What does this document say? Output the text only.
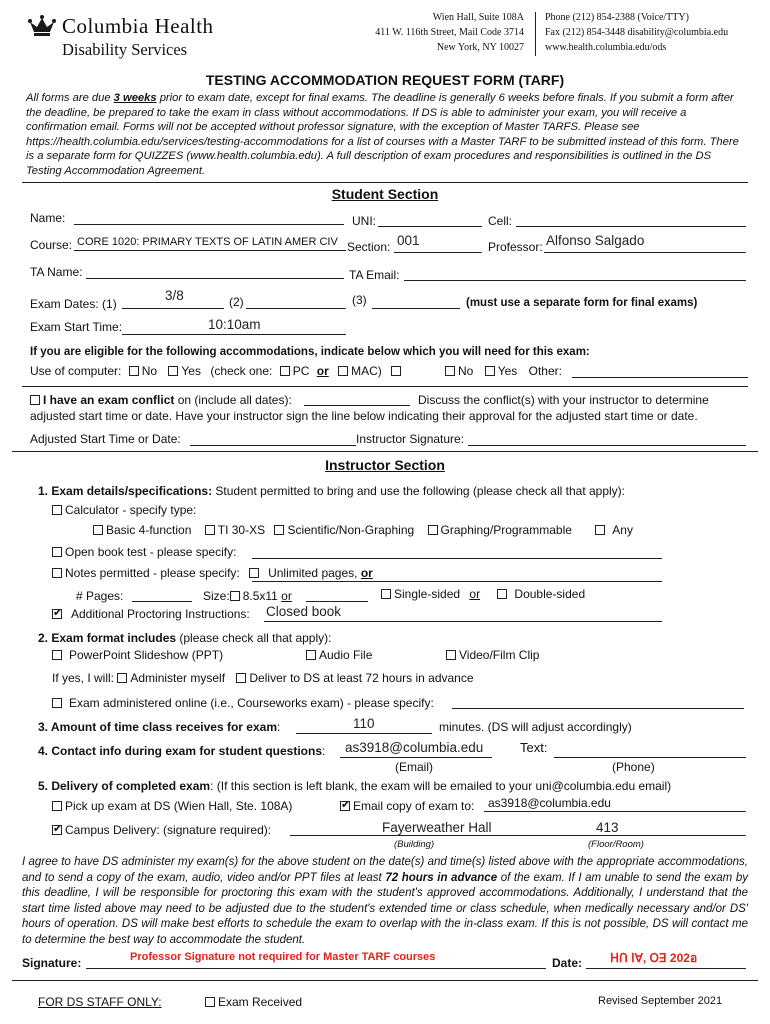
Columbia Health
Disability Services
Wien Hall, Suite 108A
411 W. 116th Street, Mail Code 3714
New York, NY 10027
Phone (212) 854-2388 (Voice/TTY)
Fax (212) 854-3448 disability@columbia.edu
www.health.columbia.edu/ods
TESTING ACCOMMODATION REQUEST FORM (TARF)
All forms are due 3 weeks prior to exam date, except for final exams. The deadline is generally 6 weeks before finals. If you submit a form after the deadline, be prepared to take the exam in class without accommodations. If DS is able to administer your exam, you will receive a confirmation email. Forms will not be accepted without professor signature, with the exception of Master TARFS. Please see https://health.columbia.edu/services/testing-accommodations for a list of courses with a Master TARF to be submitted instead of this form. There is a separate form for QUIZZES (www.health.columbia.edu). A full description of exam procedures and responsibilities is outlined in the DS Testing Accommodation Agreement.
Student Section
Name:	UNI:	Cell:
Course: CORE 1020: PRIMARY TEXTS OF LATIN AMER CIV Section: 001	Professor: Alfonso Salgado
TA Name:	TA Email:
Exam Dates: (1)
3/8	(2)	(3)	(must use a separate form for final exams)
Exam Start Time:	10:10am
If you are eligible for the following accommodations, indicate below which you will need for this exam:
Use of computer: No Yes (check one: PC or MAC)	No Yes Other:
I have an exam conflict on (include all dates):	Discuss the conflict(s) with your instructor to determine
adjusted start time or date. Have your instructor sign the line below indicating their approval for the adjusted start time or date.
Adjusted Start Time or Date:	Instructor Signature:
Instructor Section
1. Exam details/specifications: Student permitted to bring and use the following (please check all that apply):
Calculator - specify type:
Basic 4-function TI 30-XS Scientific/Non-Graphing Graphing/Programmable	Any
Open book test - please specify:
Notes permitted - please specify: Unlimited pages, or
# Pages:	Size: 8.5x11 or	Single-sided or	Double-sided
✔Additional Proctoring Instructions: Closed book
2. Exam format includes (please check all that apply):
PowerPoint Slideshow (PPT)	Audio File	Video/Film Clip
If yes, I will: Administer myself Deliver to DS at least 72 hours in advance
Exam administered online (i.e., Courseworks exam) - please specify:
3. Amount of time class receives for exam:	110	minutes. (DS will adjust accordingly)
4. Contact info during exam for student questions: as3918@columbia.edu	Text:
(Email)	(Phone)
5. Delivery of completed exam: (If this section is left blank, the exam will be emailed to your uni@columbia.edu email)
Pick up exam at DS (Wien Hall, Ste. 108A)
✔	Email copy of exam to: as3918@columbia.edu
✔Campus Delivery: (signature required):	Fayerweather Hall	413
(Building)	(Floor/Room)
I agree to have DS administer my exam(s) for the above student on the date(s) and time(s) listed above with the appropriate accommodations, and to send a copy of the exam, audio, video and/or PPT files at least 72 hours in advance of the exam. If I am unable to send the exam by this deadline, I will be responsible for proctoring this exam with the student's approved accommodations. Additionally, I understand that the start time listed above may need to be adjusted due to the student's extended time or class schedule, when medically necessary and/or DS' hours of operation. DS will make best efforts to schedule the exam to overlap with the in-class exam. If this is not possible, DS will contact me to determine the best way to accommodate the student.
Signature:	Professor Signature not required for Master TARF courses	Date: ꓧꓵ ꓲꓯ, ꓳꓱ 202อ
FOR DS STAFF ONLY:	Exam Received	Revised September 2021
